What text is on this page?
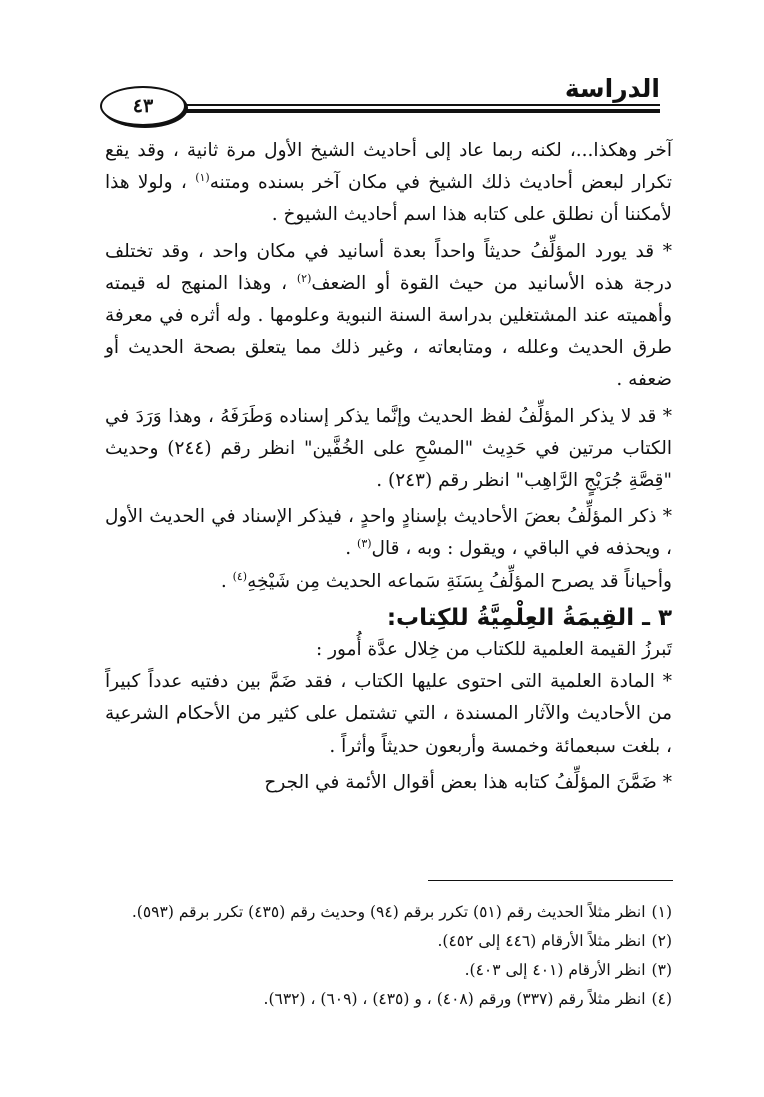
الدراسة
٤٣

آخر وهكذا...، لكنه ربما عاد إلى أحاديث الشيخ الأول مرة ثانية ، وقد يقع تكرار لبعض أحاديث ذلك الشيخ في مكان آخر بسنده ومتنه$^{(١)}$ ، ولولا هذا لأمكننا أن نطلق على كتابه هذا اسم أحاديث الشيوخ .

* قد يورد المؤلِّفُ حديثاً واحداً بعدة أسانيد في مكان واحد ، وقد تختلف درجة هذه الأسانيد من حيث القوة أو الضعف$^{(٢)}$ ، وهذا المنهج له قيمته وأهميته عند المشتغلين بدراسة السنة النبوية وعلومها . وله أثره في معرفة طرق الحديث وعلله ، ومتابعاته ، وغير ذلك مما يتعلق بصحة الحديث أو ضعفه .

* قد لا يذكر المؤلِّفُ لفظ الحديث وإنَّما يذكر إسناده وَطَرَفَهُ ، وهذا وَرَدَ في الكتاب مرتين في حَدِيث "المسْحِ على الخُفَّين" انظر رقم (٢٤٤) وحديث "قِصَّةِ جُرَيْجٍ الرَّاهِب" انظر رقم (٢٤٣) .

* ذكر المؤلِّفُ بعضَ الأحاديث بإسنادٍ واحدٍ ، فيذكر الإسناد في الحديث الأول ، ويحذفه في الباقي ، ويقول : وبه ، قال$^{(٣)}$ .

وأحياناً قد يصرح المؤلِّفُ بِسَنَةِ سَماعه الحديث مِن شَيْخِهِ$^{(٤)}$ .

٣ ـ القِيمَةُ العِلْمِيَّةُ للكِتاب:

تَبرزُ القيمة العلمية للكتاب من خِلال عدَّة أُمور :

* المادة العلمية التى احتوى عليها الكتاب ، فقد ضَمَّ بين دفتيه عدداً كبيراً من الأحاديث والآثار المسندة ، التي تشتمل على كثير من الأحكام الشرعية ، بلغت سبعمائة وخمسة وأربعون حديثاً وأثراً .

* ضَمَّنَ المؤلِّفُ كتابه هذا بعض أقوال الأئمة في الجرح

(١)انظر مثلاً الحديث رقم (٥١) تكرر برقم (٩٤) وحديث رقم (٤٣٥) تكرر برقم (٥٩٣).

(٢)انظر مثلاً الأرقام (٤٤٦ إلى ٤٥٢).

(٣)انظر الأرقام (٤٠١ إلى ٤٠٣).

(٤)انظر مثلاً رقم (٣٣٧) ورقم (٤٠٨) ، و (٤٣٥) ، (٦٠٩) ، (٦٣٢).
